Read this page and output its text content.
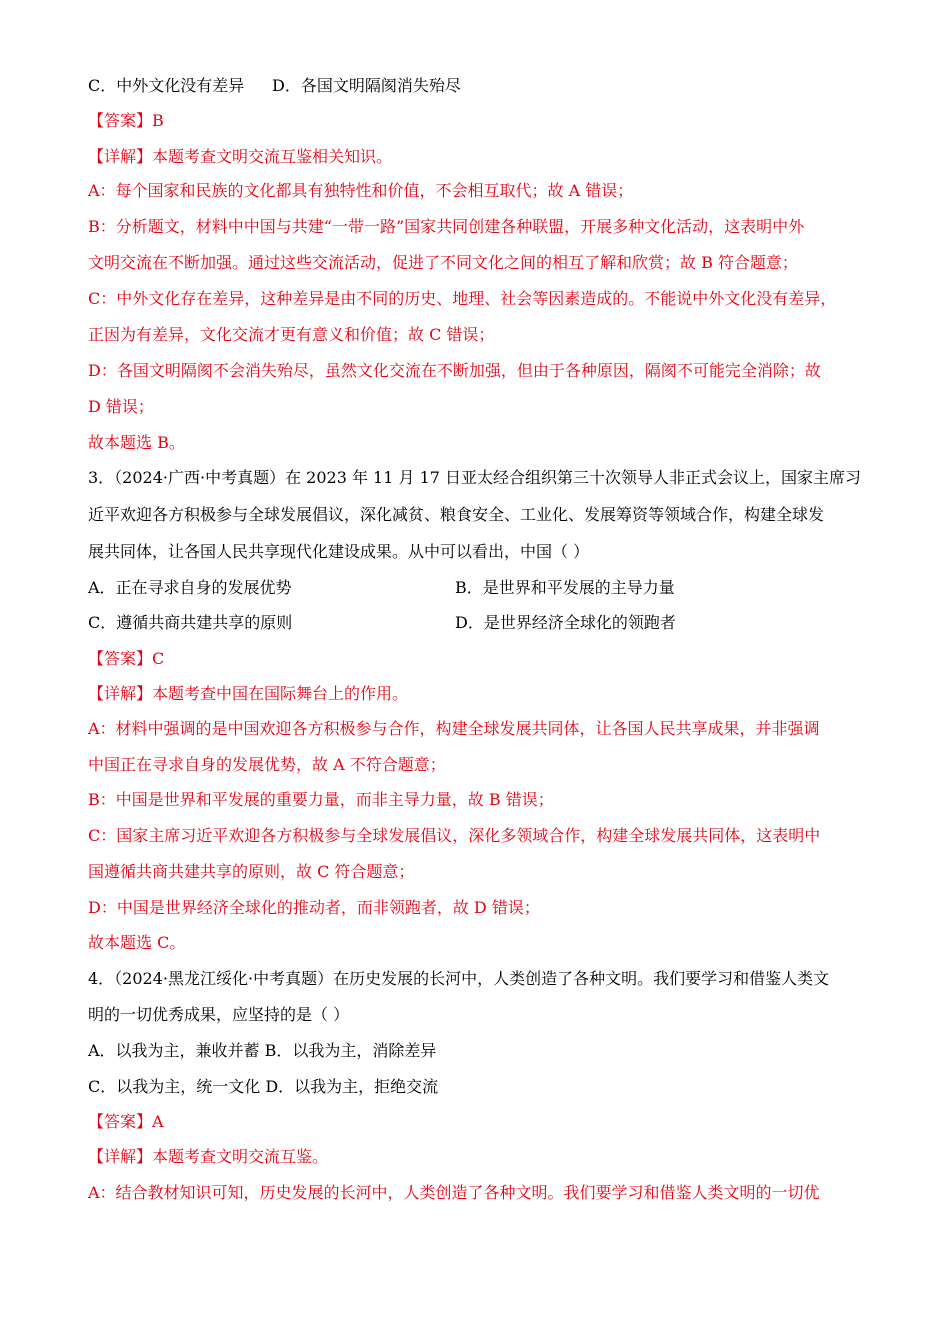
C．中外文化没有差异 D．各国文明隔阂消失殆尽
【答案】B
【详解】本题考查文明交流互鉴相关知识。
A：每个国家和民族的文化都具有独特性和价值，不会相互取代；故 A 错误；
B：分析题文，材料中中国与共建“一带一路”国家共同创建各种联盟，开展多种文化活动，这表明中外
文明交流在不断加强。通过这些交流活动，促进了不同文化之间的相互了解和欣赏；故 B 符合题意；
C：中外文化存在差异，这种差异是由不同的历史、地理、社会等因素造成的。不能说中外文化没有差异，
正因为有差异，文化交流才更有意义和价值；故 C 错误；
D：各国文明隔阂不会消失殆尽，虽然文化交流在不断加强，但由于各种原因，隔阂不可能完全消除；故
D 错误；
故本题选 B。
3．（2024·广西·中考真题）在 2023 年 11 月 17 日亚太经合组织第三十次领导人非正式会议上，国家主席习
近平欢迎各方积极参与全球发展倡议，深化减贫、粮食安全、工业化、发展筹资等领域合作，构建全球发
展共同体，让各国人民共享现代化建设成果。从中可以看出，中国（ ）
A．正在寻求自身的发展优势	B．是世界和平发展的主导力量
C．遵循共商共建共享的原则	D．是世界经济全球化的领跑者
【答案】C
【详解】本题考查中国在国际舞台上的作用。
A：材料中强调的是中国欢迎各方积极参与合作，构建全球发展共同体，让各国人民共享成果，并非强调
中国正在寻求自身的发展优势，故 A 不符合题意；
B：中国是世界和平发展的重要力量，而非主导力量，故 B 错误；
C：国家主席习近平欢迎各方积极参与全球发展倡议，深化多领域合作，构建全球发展共同体，这表明中
国遵循共商共建共享的原则，故 C 符合题意；
D：中国是世界经济全球化的推动者，而非领跑者，故 D 错误；
故本题选 C。
4．（2024·黑龙江绥化·中考真题）在历史发展的长河中，人类创造了各种文明。我们要学习和借鉴人类文
明的一切优秀成果，应坚持的是（ ）
A．以我为主，兼收并蓄 B．以我为主，消除差异
C．以我为主，统一文化 D．以我为主，拒绝交流
【答案】A
【详解】本题考查文明交流互鉴。
A：结合教材知识可知，历史发展的长河中，人类创造了各种文明。我们要学习和借鉴人类文明的一切优
